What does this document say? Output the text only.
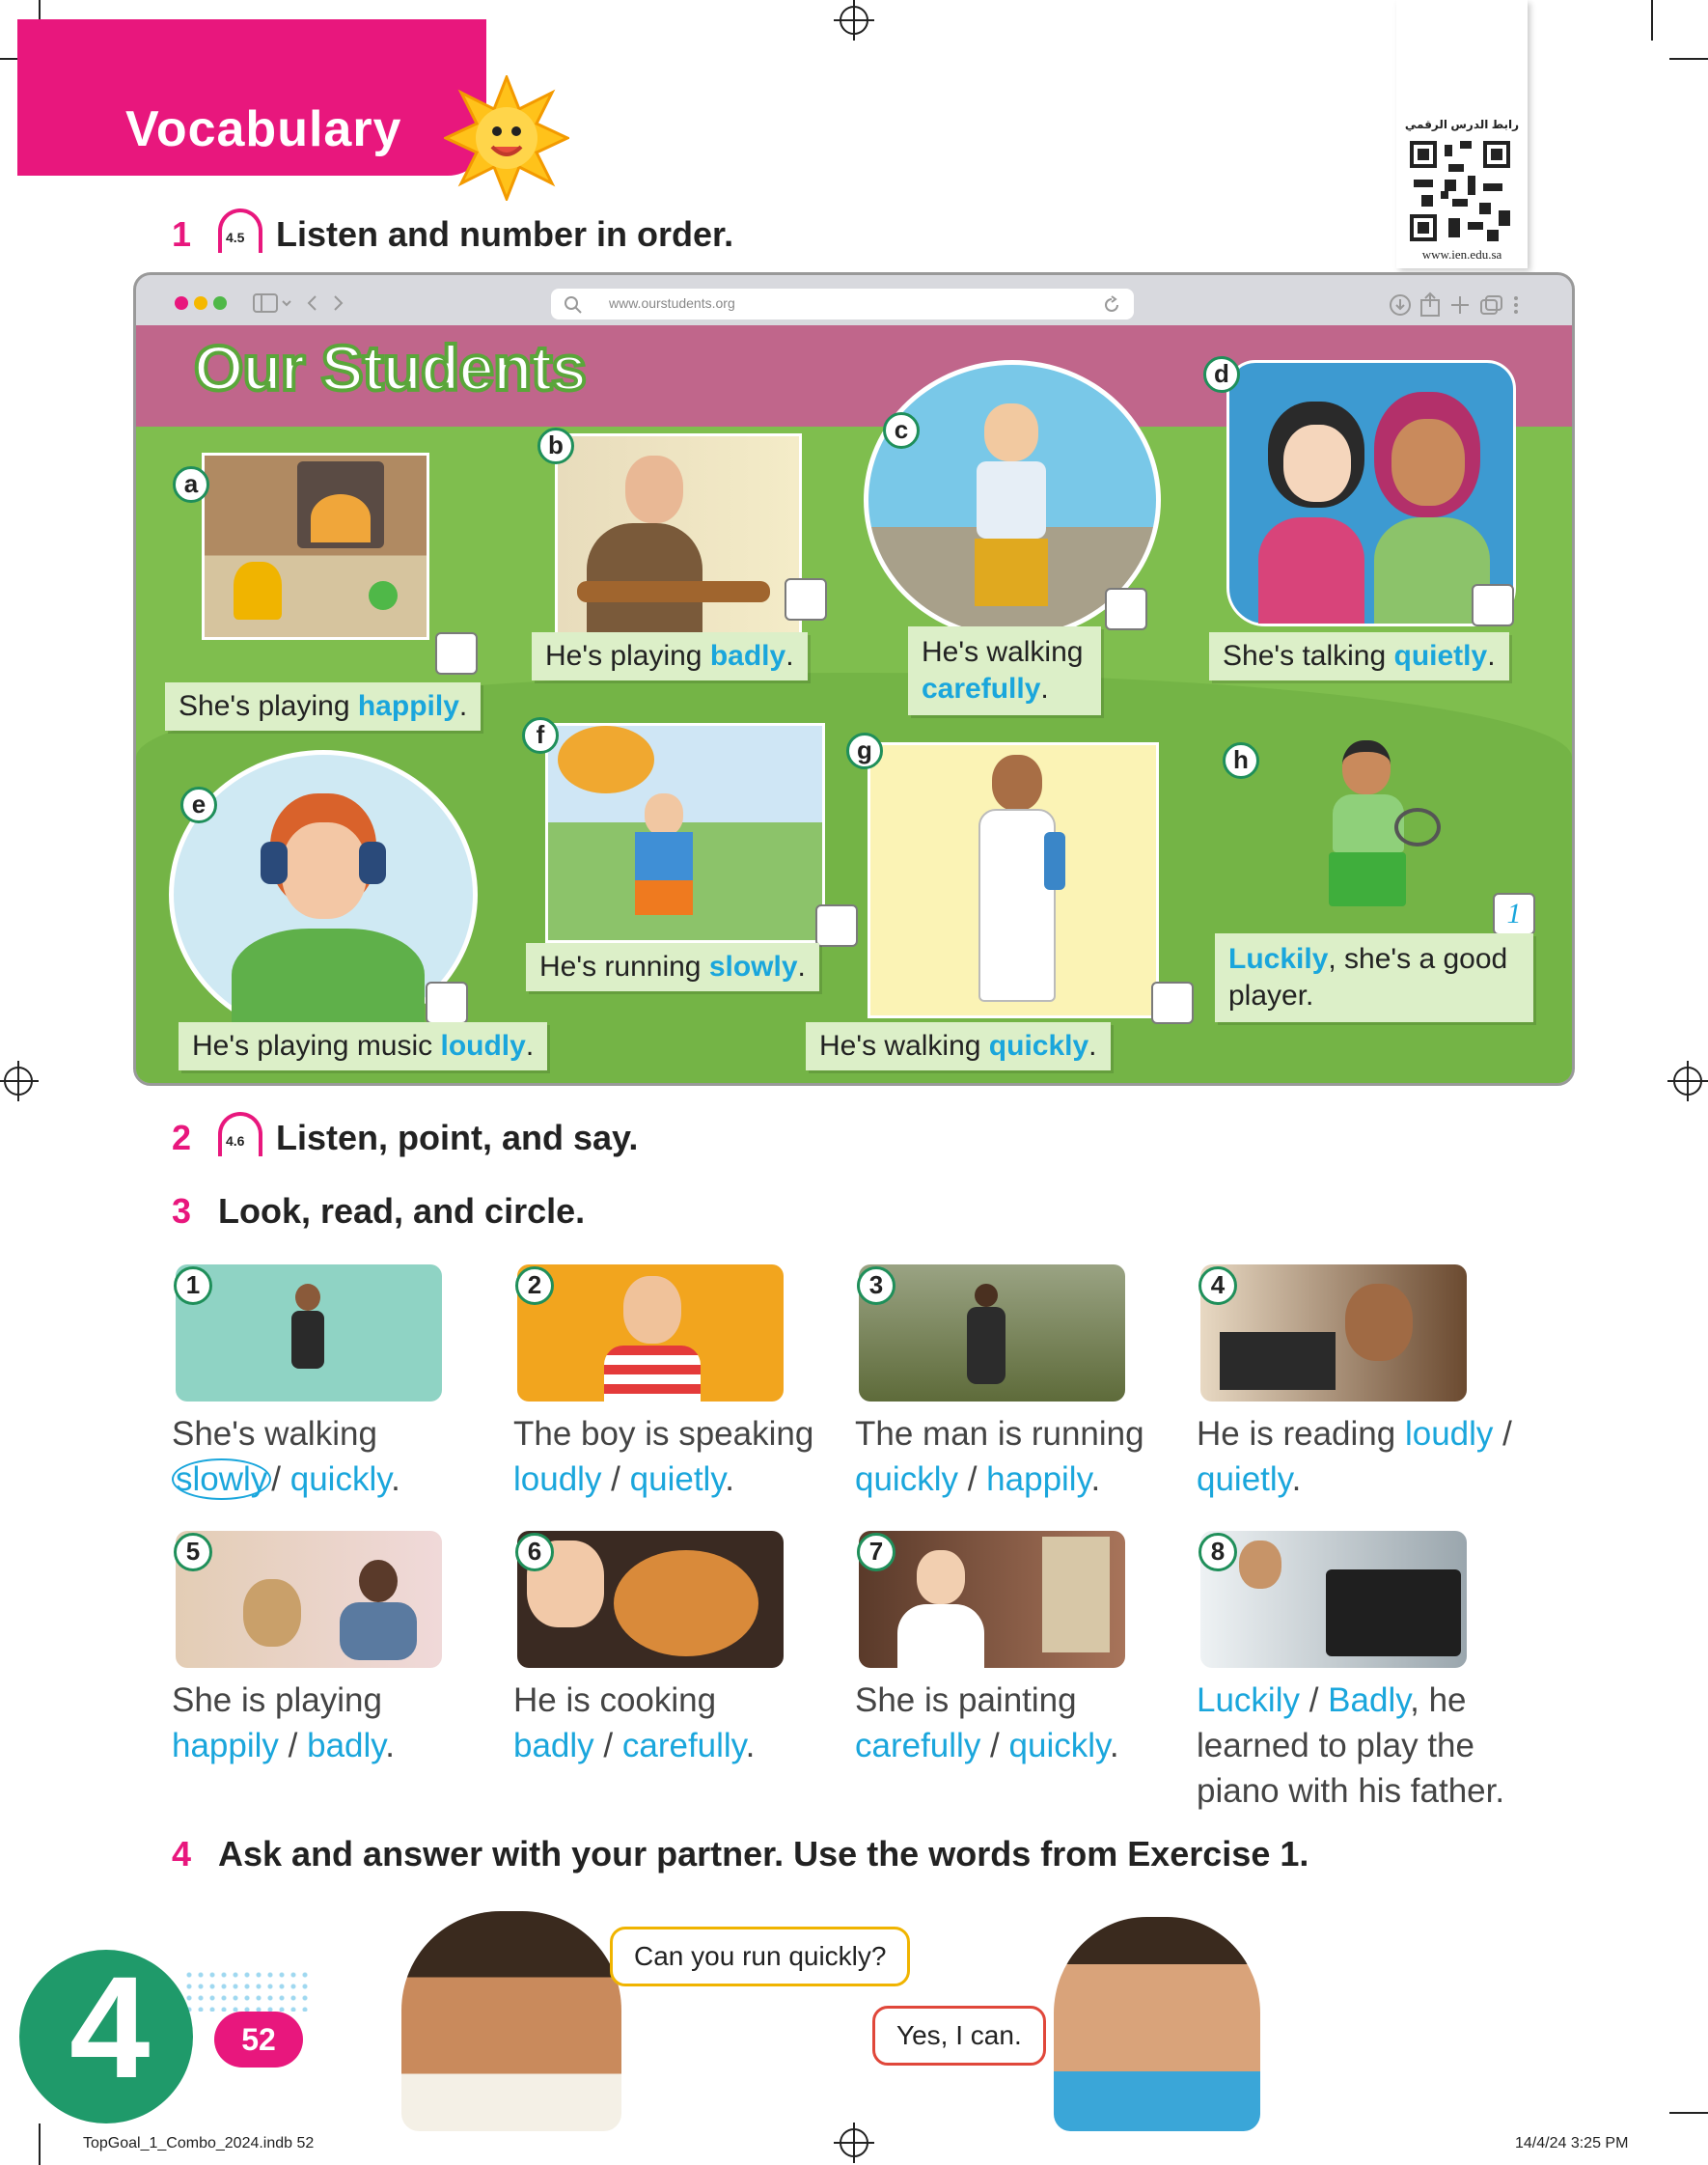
Vocabulary	رابط الدرس الرقمي
www.ien.edu.sa
1	4.5 Listen and number in order.
www.ourstudents.org
Our Students
a
She's playing happily.
b
He's playing badly.
c
He's walking
carefully.
d
She's talking quietly.
e
He's playing music loudly.
f
He's running slowly.
g
He's walking quickly.
h
1
Luckily, she's a good
player.
2	4.6 Listen, point, and say.
3 Look, read, and circle.
1	2	3	4
She's walking
slowly / quickly.
The boy is speaking
loudly / quietly.
The man is running
quickly / happily.
He is reading loudly /
quietly.
5	6	7	8
She is playing
happily / badly.
He is cooking
badly / carefully.
She is painting
carefully / quickly.
Luckily / Badly, he
learned to play the
piano with his father.
4 Ask and answer with your partner. Use the words from Exercise 1.
Can you run quickly?
Yes, I can.
4	52
TopGoal_1_Combo_2024.indb 52	14/4/24 3:25 PM
